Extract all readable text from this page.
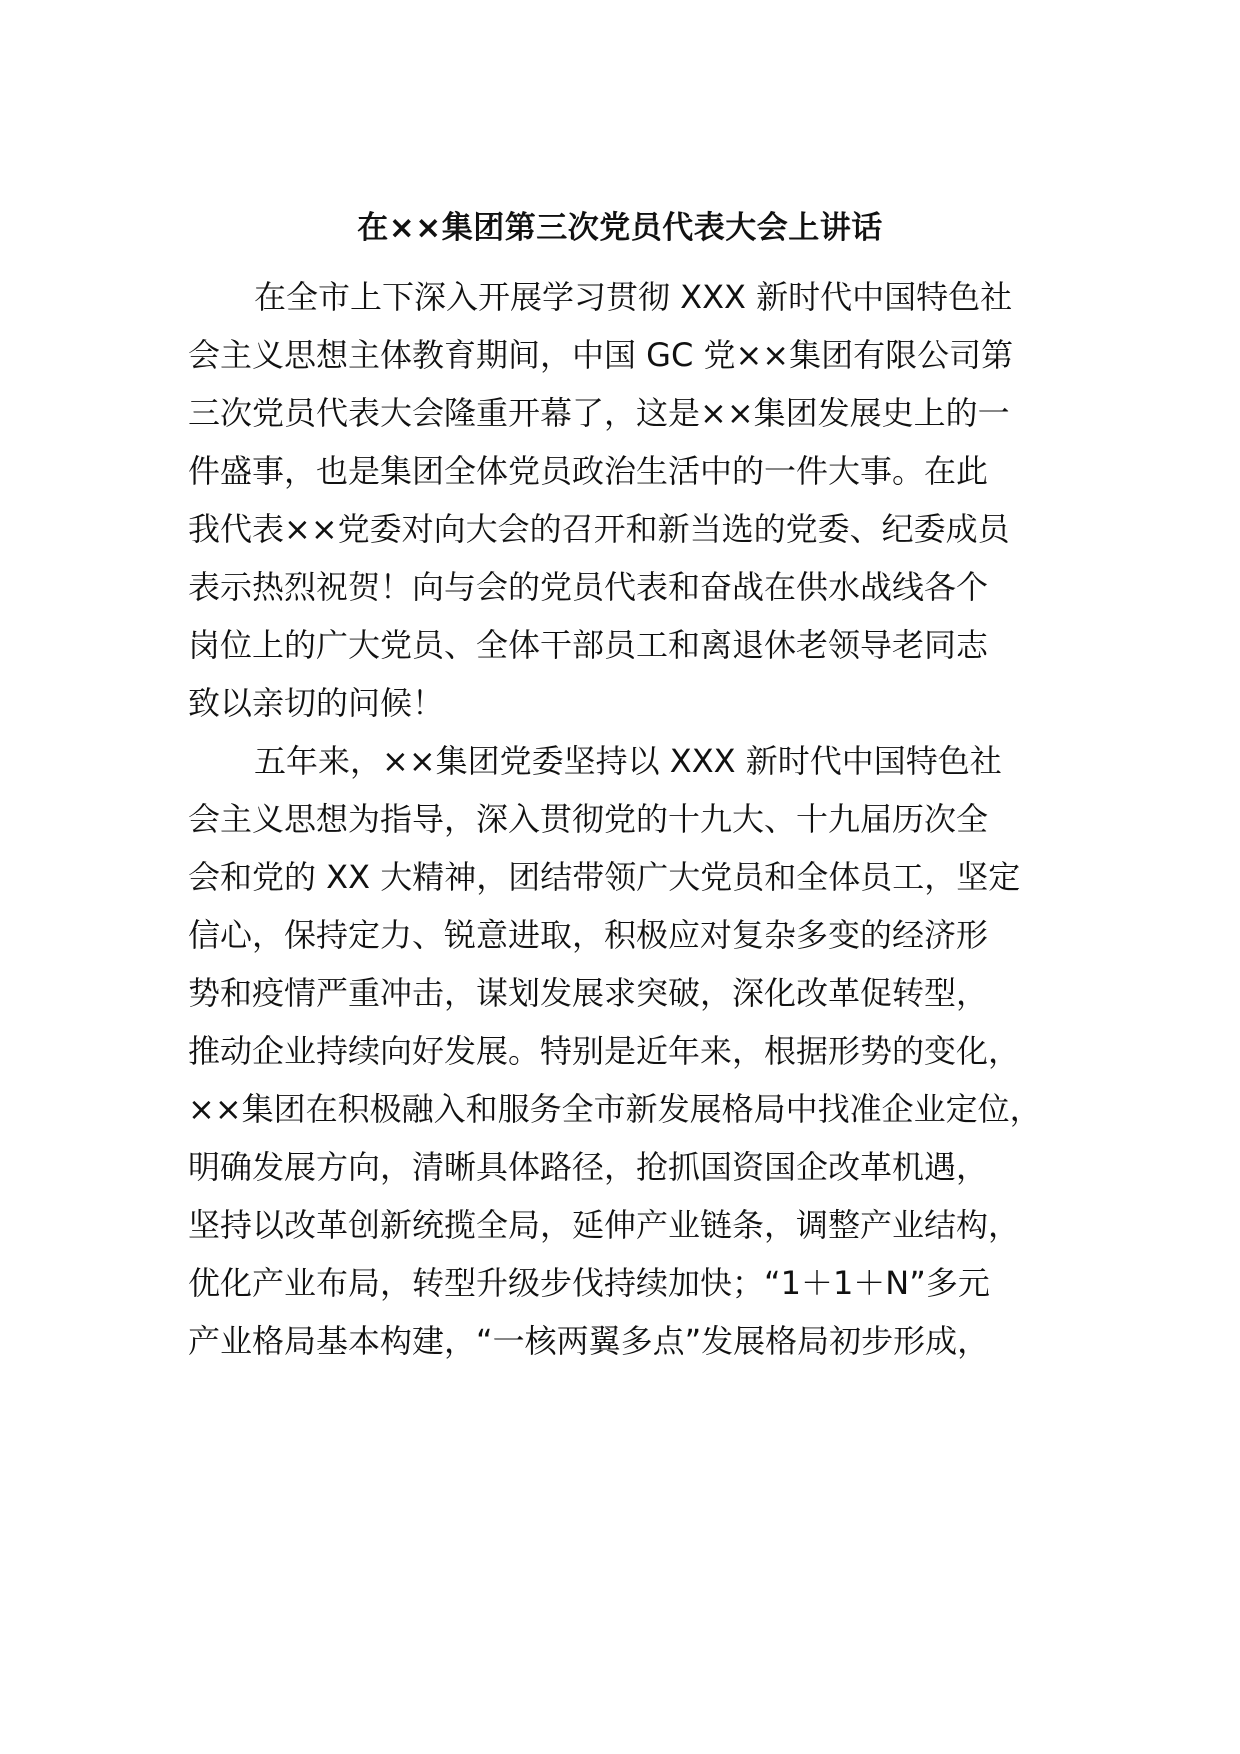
在××集团第三次党员代表大会上讲话
在全市上下深入开展学习贯彻 XXX 新时代中国特色社
会主义思想主体教育期间，中国 GC 党××集团有限公司第
三次党员代表大会隆重开幕了，这是××集团发展史上的一
件盛事，也是集团全体党员政治生活中的一件大事。在此
我代表××党委对向大会的召开和新当选的党委、纪委成员
表示热烈祝贺！向与会的党员代表和奋战在供水战线各个
岗位上的广大党员、全体干部员工和离退休老领导老同志
致以亲切的问候！
五年来，××集团党委坚持以 XXX 新时代中国特色社
会主义思想为指导，深入贯彻党的十九大、十九届历次全
会和党的 XX 大精神，团结带领广大党员和全体员工，坚定
信心，保持定力、锐意进取，积极应对复杂多变的经济形
势和疫情严重冲击，谋划发展求突破，深化改革促转型，
推动企业持续向好发展。特别是近年来，根据形势的变化，
××集团在积极融入和服务全市新发展格局中找准企业定位，
明确发展方向，清晰具体路径，抢抓国资国企改革机遇，
坚持以改革创新统揽全局，延伸产业链条，调整产业结构，
优化产业布局，转型升级步伐持续加快；“1＋1＋N”多元
产业格局基本构建，“一核两翼多点”发展格局初步形成，
